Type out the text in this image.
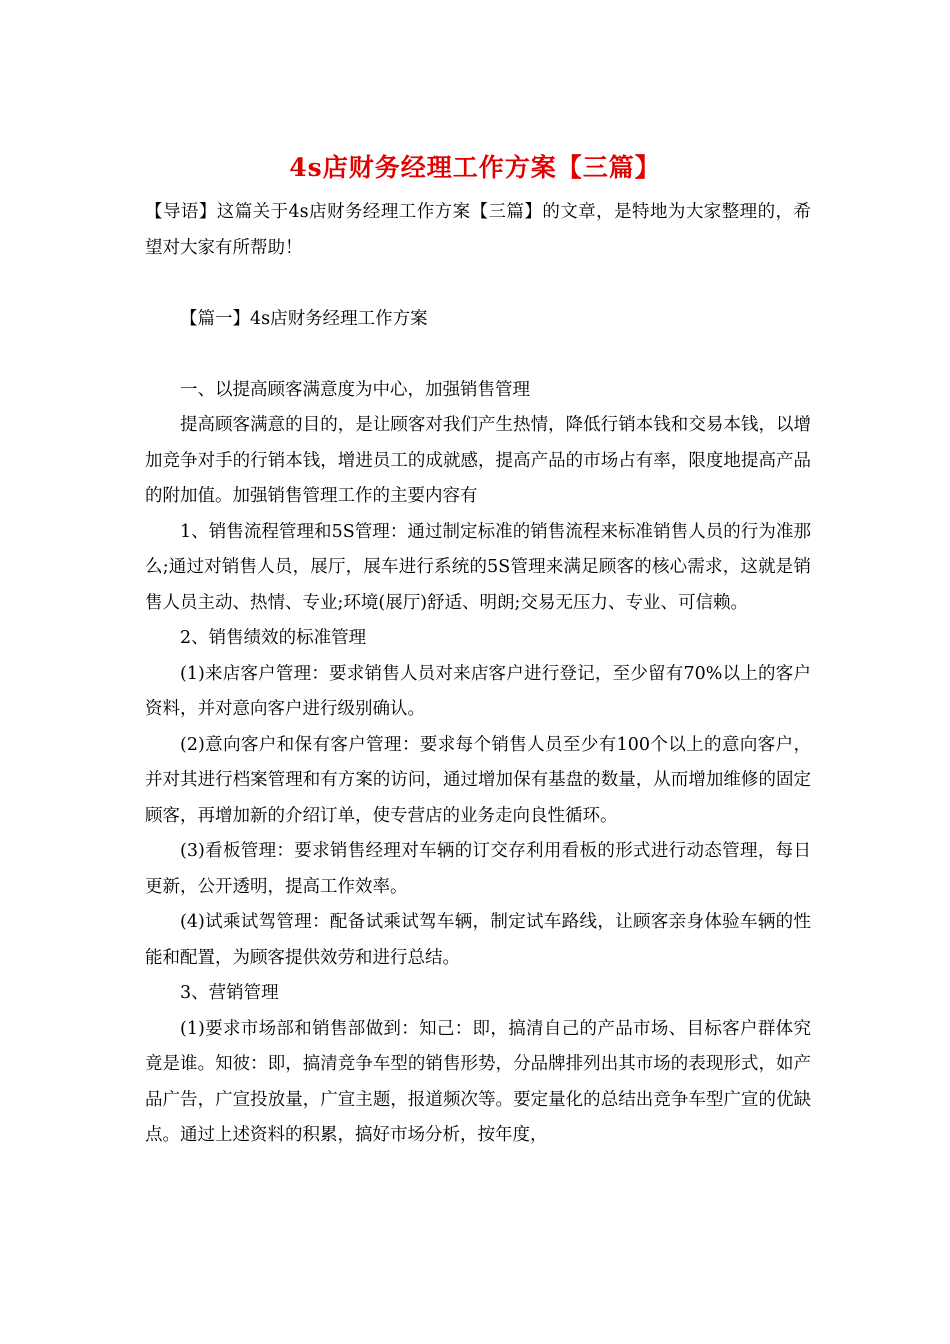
4s店财务经理工作方案【三篇】

【导语】这篇关于4s店财务经理工作方案【三篇】的文章，是特地为大家整理的，希望对大家有所帮助！

【篇一】4s店财务经理工作方案

一、以提高顾客满意度为中心，加强销售管理

提高顾客满意的目的，是让顾客对我们产生热情，降低行销本钱和交易本钱，以增加竞争对手的行销本钱，增进员工的成就感，提高产品的市场占有率，限度地提高产品的附加值。加强销售管理工作的主要内容有

1、销售流程管理和5S管理：通过制定标准的销售流程来标准销售人员的行为准那么;通过对销售人员，展厅，展车进行系统的5S管理来满足顾客的核心需求，这就是销售人员主动、热情、专业;环境(展厅)舒适、明朗;交易无压力、专业、可信赖。

2、销售绩效的标准管理

(1)来店客户管理：要求销售人员对来店客户进行登记，至少留有70%以上的客户资料，并对意向客户进行级别确认。

(2)意向客户和保有客户管理：要求每个销售人员至少有100个以上的意向客户，并对其进行档案管理和有方案的访问，通过增加保有基盘的数量，从而增加维修的固定顾客，再增加新的介绍订单，使专营店的业务走向良性循环。

(3)看板管理：要求销售经理对车辆的订交存利用看板的形式进行动态管理，每日更新，公开透明，提高工作效率。

(4)试乘试驾管理：配备试乘试驾车辆，制定试车路线，让顾客亲身体验车辆的性能和配置，为顾客提供效劳和进行总结。

3、营销管理

(1)要求市场部和销售部做到：知己：即，搞清自己的产品市场、目标客户群体究竟是谁。知彼：即，搞清竞争车型的销售形势，分品牌排列出其市场的表现形式，如产品广告，广宣投放量，广宣主题，报道频次等。要定量化的总结出竞争车型广宣的优缺点。通过上述资料的积累，搞好市场分析，按年度，
